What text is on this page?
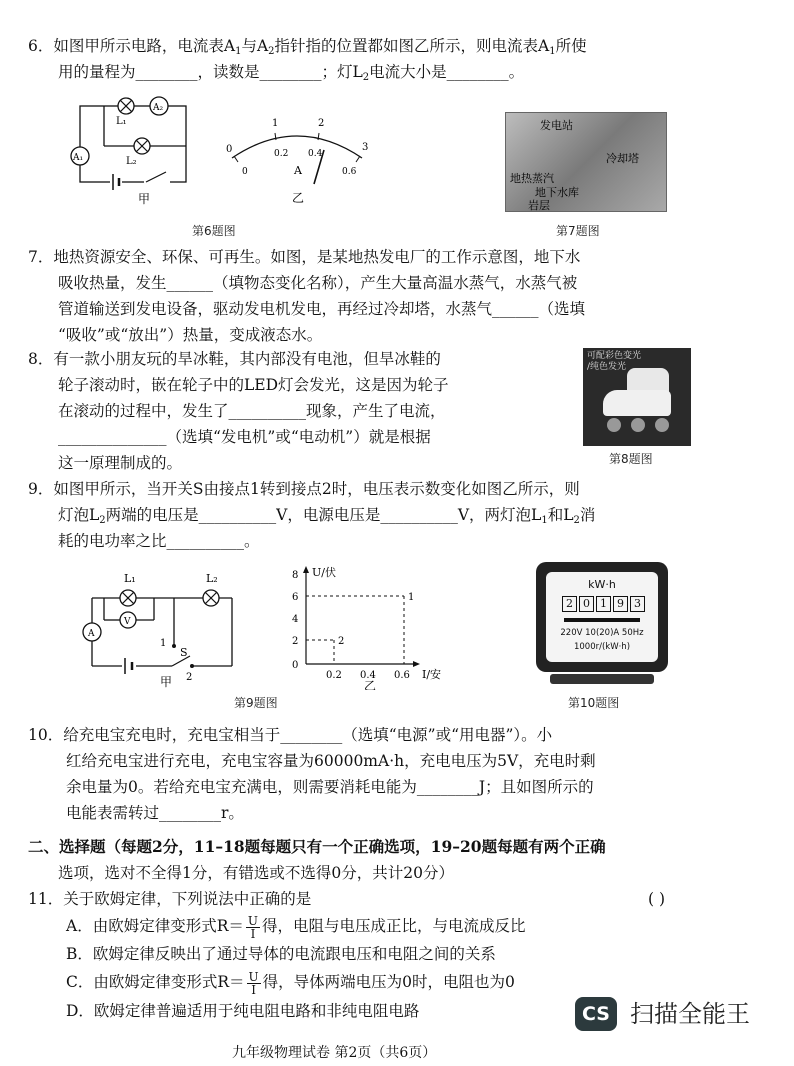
6．如图甲所示电路，电流表$A_1$与$A_2$指针指的位置都如图乙所示，则电流表$A_1$所使
用的量程为________，读数是________；灯$L_2$电流大小是________。
A₂
A₁
L₁
L₂
甲
0
1	2
3
0
0.2 0.4
0.6
A
乙
第6题图
发电站
冷却塔
地热蒸汽
地下水库
岩层
第7题图
7．地热资源安全、环保、可再生。如图，是某地热发电厂的工作示意图，地下水
吸收热量，发生______（填物态变化名称），产生大量高温水蒸气，水蒸气被
管道输送到发电设备，驱动发电机发电，再经过冷却塔，水蒸气______（选填
“吸收”或“放出”）热量，变成液态水。
8．有一款小朋友玩的旱冰鞋，其内部没有电池，但旱冰鞋的
轮子滚动时，嵌在轮子中的LED灯会发光，这是因为轮子
在滚动的过程中，发生了__________现象，产生了电流，
______________（选填“发电机”或“电动机”）就是根据
这一原理制成的。
可配彩色变光
/纯色发光
第8题图
9．如图甲所示，当开关S由接点1转到接点2时，电压表示数变化如图乙所示，则
灯泡$L_2$两端的电压是__________V，电源电压是__________V，两灯泡$L_1$和$L_2$消
耗的电功率之比__________。
L₁	L₂
V
A
1
S
2
甲
0
2
4
6
8
0.2 0.4 0.6
U/伏
I/安
2
1
乙
第9题图
kW·h
2 0 1 9 3
220V 10(20)A 50Hz
1000r/(kW·h)
第10题图
10．给充电宝充电时，充电宝相当于________（选填“电源”或“用电器”）。小
红给充电宝进行充电，充电宝容量为60000mA·h，充电电压为5V，充电时剩
余电量为0。若给充电宝充满电，则需要消耗电能为________J；且如图所示的
电能表需转过________r。
二、选择题（每题2分，11–18题每题只有一个正确选项，19–20题每题有两个正确
选项，选对不全得1分，有错选或不选得0分，共计20分）
11．关于欧姆定律，下列说法中正确的是	( )
A．由欧姆定律变形式$R= \frac{U}{I}$ 得，电阻与电压成正比，与电流成反比
B．欧姆定律反映出了通过导体的电流跟电压和电阻之间的关系
C．由欧姆定律变形式$R= \frac{U}{I}$ 得，导体两端电压为0时，电阻也为0
D．欧姆定律普遍适用于纯电阻电路和非纯电阻电路	CS 扫描全能王
九年级物理试卷 第2页（共6页）
